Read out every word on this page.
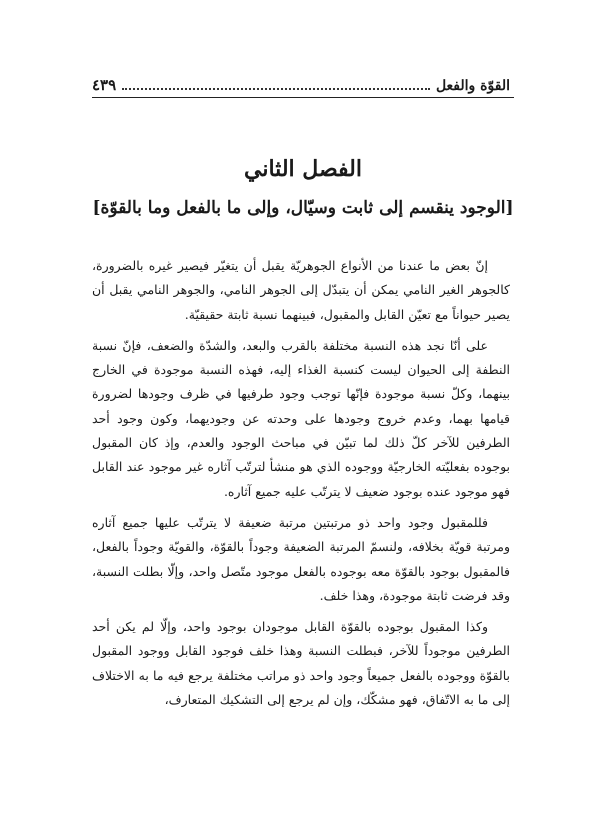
القوّة والفعل
٤٣٩
الفصل الثاني
[الوجود ينقسم إلى ثابت وسيّال، وإلى ما بالفعل وما بالقوّة]

إنّ بعض ما عندنا من الأنواع الجوهريّة يقبل أن يتغيّر فيصير غيره بالضرورة، كالجوهر الغير النامي يمكن أن يتبدّل إلى الجوهر النامي، والجوهر النامي يقبل أن يصير حيواناً مع تعيّن القابل والمقبول، فبينهما نسبة ثابتة حقيقيّة.

على أنّا نجد هذه النسبة مختلفة بالقرب والبعد، والشدّة والضعف، فإنّ نسبة النطفة إلى الحيوان ليست كنسبة الغذاء إليه، فهذه النسبة موجودة في الخارج بينهما، وكلّ نسبة موجودة فإنّها توجب وجود طرفيها في ظرف وجودها لضرورة قيامها بهما، وعدم خروج وجودها على وحدته عن وجوديهما، وكون وجود أحد الطرفين للآخر كلّ ذلك لما تبيّن في مباحث الوجود والعدم، وإذ كان المقبول بوجوده بفعليّته الخارجيّة ووجوده الذي هو منشأ لترتّب آثاره غير موجود عند القابل فهو موجود عنده بوجود ضعيف لا يترتّب عليه جميع آثاره.

فللمقبول وجود واحد ذو مرتبتين مرتبة ضعيفة لا يترتّب عليها جميع آثاره ومرتبة قويّة بخلافه، ولنسمّ المرتبة الضعيفة وجوداً بالقوّة، والقويّة وجوداً بالفعل، فالمقبول بوجود بالقوّة معه بوجوده بالفعل موجود متّصل واحد، وإلّا بطلت النسبة، وقد فرضت ثابتة موجودة، وهذا خلف.

وكذا المقبول بوجوده بالقوّة القابل موجودان بوجود واحد، وإلّا لم يكن أحد الطرفين موجوداً للآخر، فبطلت النسبة وهذا خلف فوجود القابل ووجود المقبول بالقوّة ووجوده بالفعل جميعاً وجود واحد ذو مراتب مختلفة يرجع فيه ما به الاختلاف إلى ما به الاتّفاق، فهو مشكّك، وإن لم يرجع إلى التشكيك المتعارف،
